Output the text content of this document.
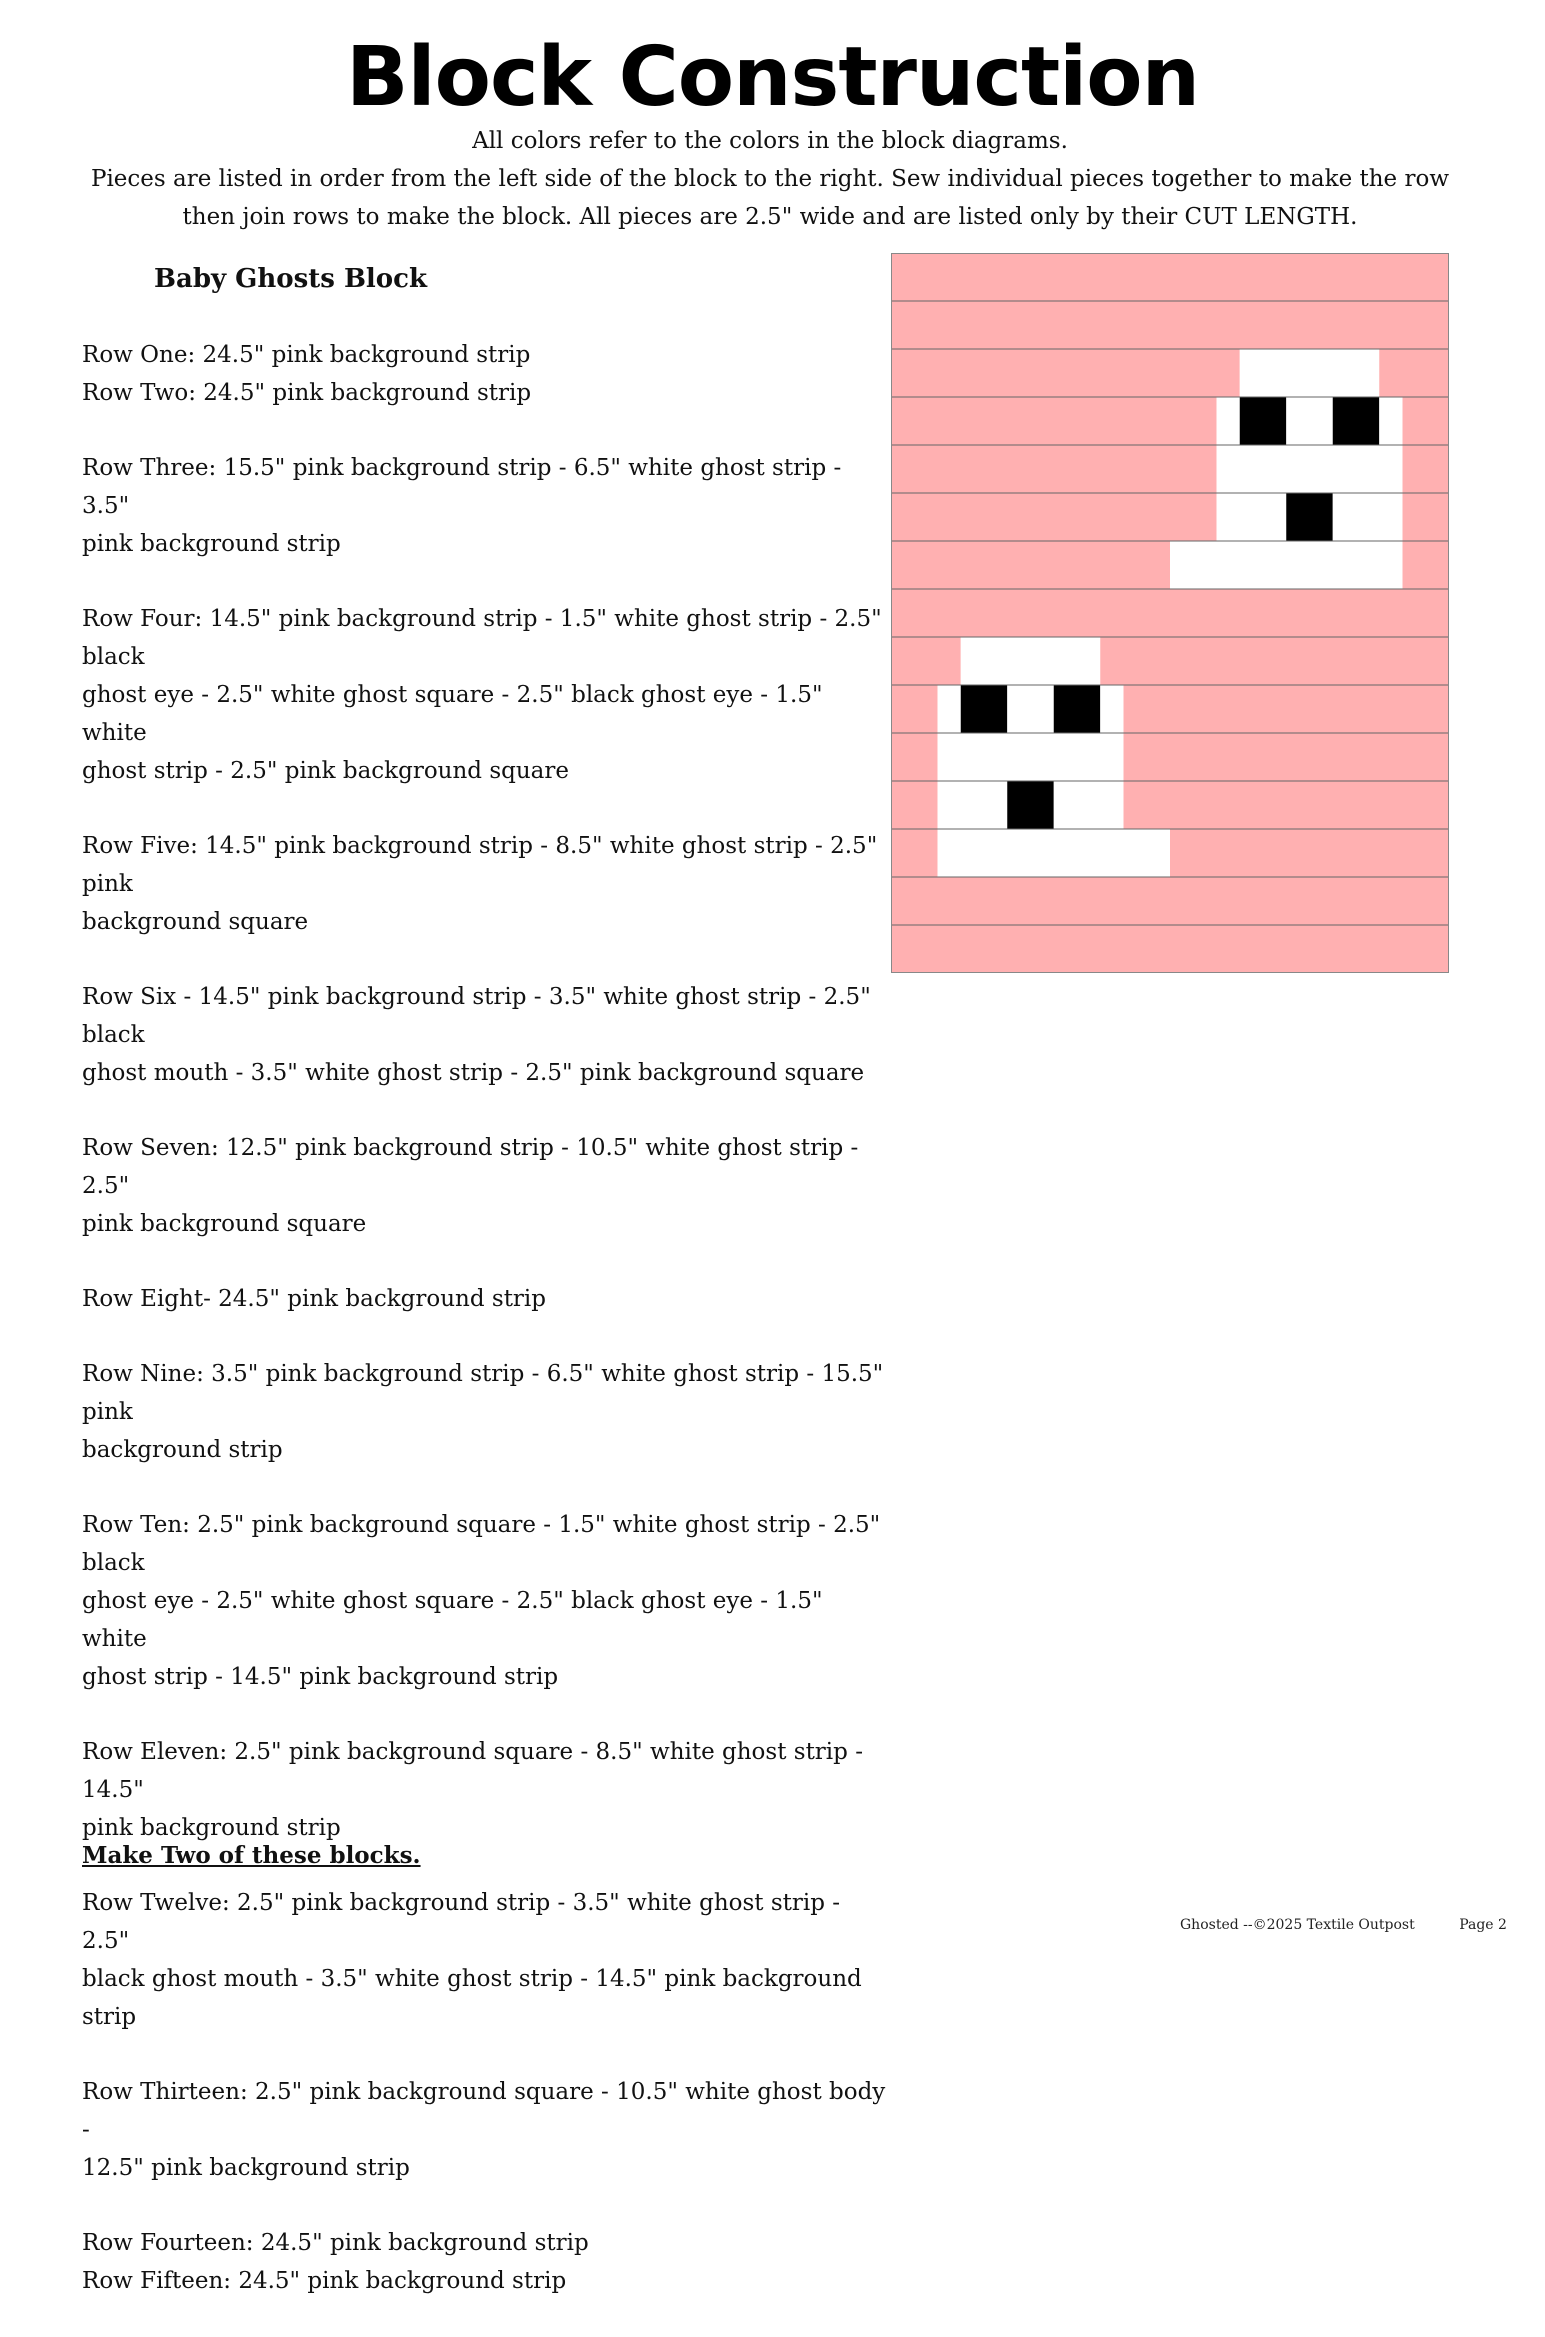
Block Construction
All colors refer to the colors in the block diagrams.
Pieces are listed in order from the left side of the block to the right. Sew individual pieces together to make the row
then join rows to make the block. All pieces are 2.5" wide and are listed only by their CUT LENGTH.
Baby Ghosts Block
Row One: 24.5" pink background strip
Row Two: 24.5" pink background strip
Row Three: 15.5" pink background strip - 6.5" white ghost strip - 3.5"
pink background strip
Row Four: 14.5" pink background strip - 1.5" white ghost strip - 2.5" black
ghost eye - 2.5" white ghost square - 2.5" black ghost eye - 1.5" white
ghost strip - 2.5" pink background square
Row Five: 14.5" pink background strip - 8.5" white ghost strip - 2.5" pink
background square
Row Six - 14.5" pink background strip - 3.5" white ghost strip - 2.5" black
ghost mouth - 3.5" white ghost strip - 2.5" pink background square
Row Seven: 12.5" pink background strip - 10.5" white ghost strip - 2.5"
pink background square
Row Eight- 24.5" pink background strip
Row Nine: 3.5" pink background strip - 6.5" white ghost strip - 15.5" pink
background strip
Row Ten: 2.5" pink background square - 1.5" white ghost strip - 2.5" black
ghost eye - 2.5" white ghost square - 2.5" black ghost eye - 1.5" white
ghost strip - 14.5" pink background strip
Row Eleven: 2.5" pink background square - 8.5" white ghost strip - 14.5"
pink background strip
Row Twelve: 2.5" pink background strip - 3.5" white ghost strip - 2.5"
black ghost mouth - 3.5" white ghost strip - 14.5" pink background strip
Row Thirteen: 2.5" pink background square - 10.5" white ghost body -
12.5" pink background strip
Row Fourteen: 24.5" pink background strip
Row Fifteen: 24.5" pink background strip
Make Two of these blocks.
Ghosted --©2025 Textile Outpost	Page 2
